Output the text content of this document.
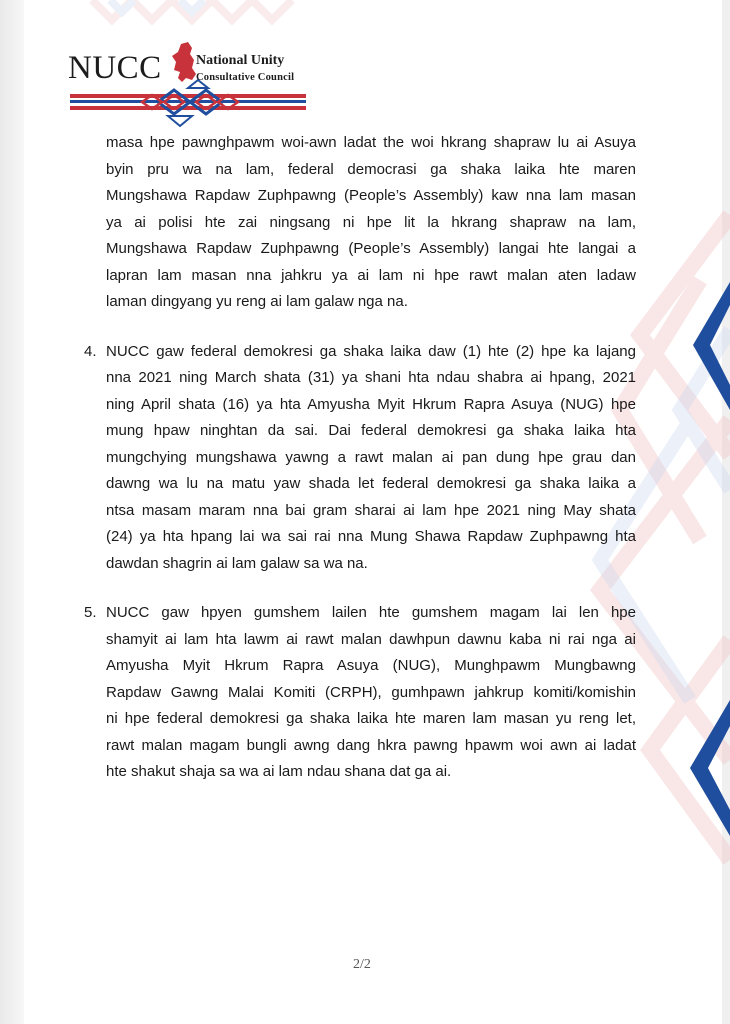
NUCC National Unity
Consultative Council
masa hpe pawnghpawm woi-awn ladat the woi hkrang shapraw lu ai Asuya
byin pru wa na lam, federal democrasi ga shaka laika hte maren
Mungshawa Rapdaw Zuphpawng (People’s Assembly) kaw nna lam masan
ya ai polisi hte zai ningsang ni hpe lit la hkrang shapraw na lam,
Mungshawa Rapdaw Zuphpawng (People’s Assembly) langai hte langai a
lapran lam masan nna jahkru ya ai lam ni hpe rawt malan aten ladaw
laman dingyang yu reng ai lam galaw nga na.
4. NUCC gaw federal demokresi ga shaka laika daw (1) hte (2) hpe ka lajang
nna 2021 ning March shata (31) ya shani hta ndau shabra ai hpang, 2021
ning April shata (16) ya hta Amyusha Myit Hkrum Rapra Asuya (NUG) hpe
mung hpaw ninghtan da sai. Dai federal demokresi ga shaka laika hta
mungchying mungshawa yawng a rawt malan ai pan dung hpe grau dan
dawng wa lu na matu yaw shada let federal demokresi ga shaka laika a
ntsa masam maram nna bai gram sharai ai lam hpe 2021 ning May shata
(24) ya hta hpang lai wa sai rai nna Mung Shawa Rapdaw Zuphpawng hta
dawdan shagrin ai lam galaw sa wa na.
5. NUCC gaw hpyen gumshem lailen hte gumshem magam lai len hpe
shamyit ai lam hta lawm ai rawt malan dawhpun dawnu kaba ni rai nga ai
Amyusha Myit Hkrum Rapra Asuya (NUG), Munghpawm Mungbawng
Rapdaw Gawng Malai Komiti (CRPH), gumhpawn jahkrup komiti/komishin
ni hpe federal demokresi ga shaka laika hte maren lam masan yu reng let,
rawt malan magam bungli awng dang hkra pawng hpawm woi awn ai ladat
hte shakut shaja sa wa ai lam ndau shana dat ga ai.
2/2
